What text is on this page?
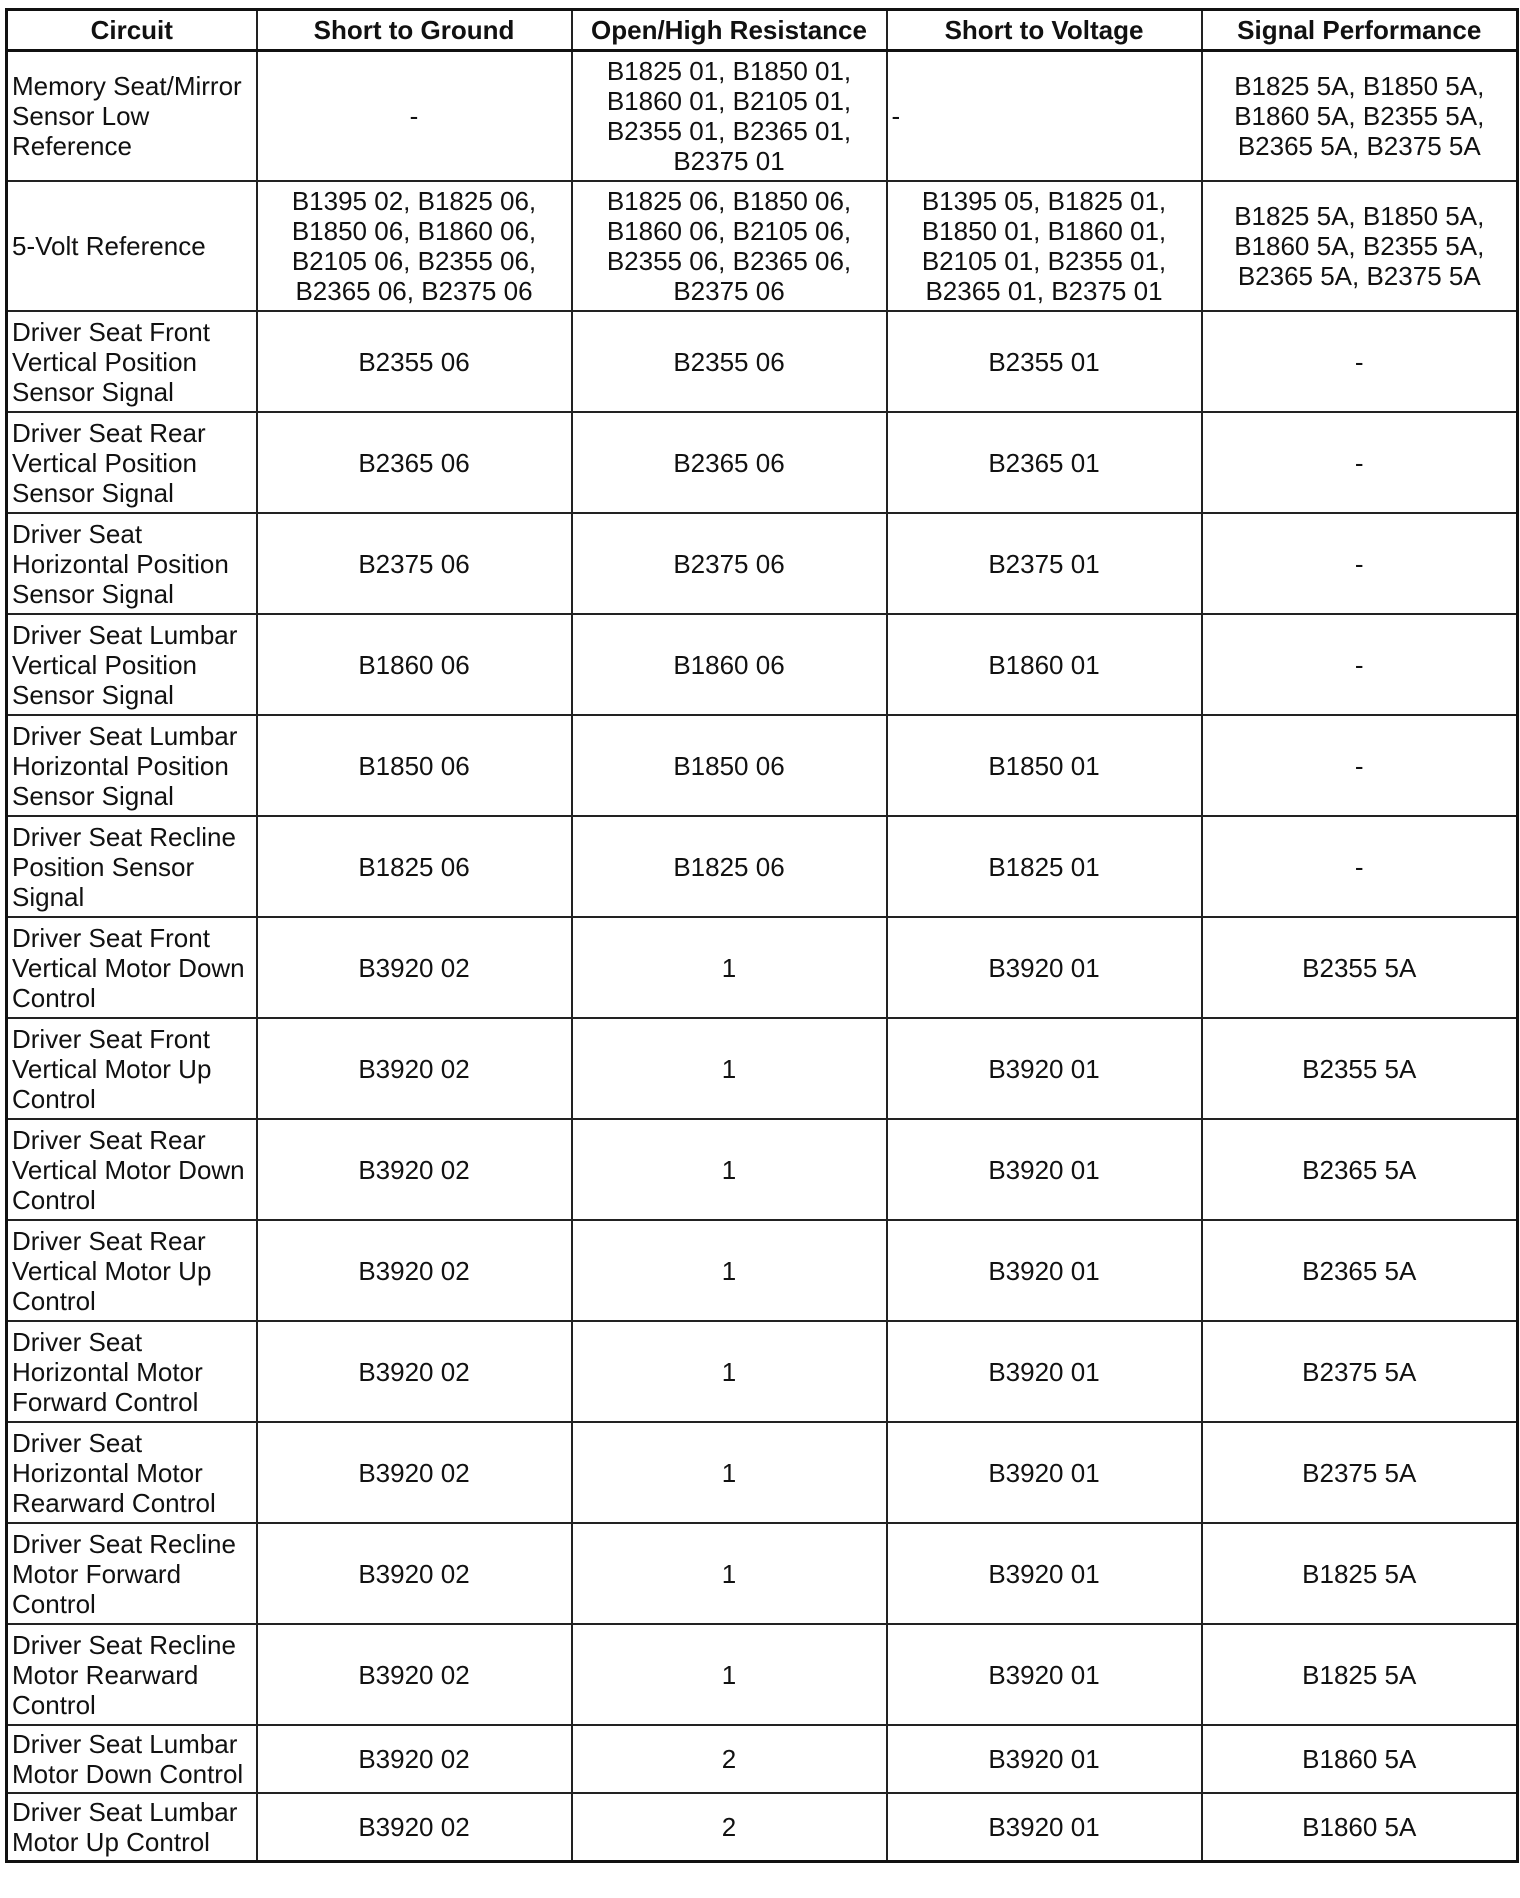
Circuit	Short to Ground	Open/High Resistance	Short to Voltage	Signal Performance
Memory Seat/Mirror Sensor Low Reference	-	B1825 01, B1850 01, B1860 01, B2105 01, B2355 01, B2365 01, B2375 01	-	B1825 5A, B1850 5A, B1860 5A, B2355 5A, B2365 5A, B2375 5A
5-Volt Reference	B1395 02, B1825 06, B1850 06, B1860 06, B2105 06, B2355 06, B2365 06, B2375 06	B1825 06, B1850 06, B1860 06, B2105 06, B2355 06, B2365 06, B2375 06	B1395 05, B1825 01, B1850 01, B1860 01, B2105 01, B2355 01, B2365 01, B2375 01	B1825 5A, B1850 5A, B1860 5A, B2355 5A, B2365 5A, B2375 5A
Driver Seat Front Vertical Position Sensor Signal	B2355 06	B2355 06	B2355 01	-
Driver Seat Rear Vertical Position Sensor Signal	B2365 06	B2365 06	B2365 01	-
Driver Seat Horizontal Position Sensor Signal	B2375 06	B2375 06	B2375 01	-
Driver Seat Lumbar Vertical Position Sensor Signal	B1860 06	B1860 06	B1860 01	-
Driver Seat Lumbar Horizontal Position Sensor Signal	B1850 06	B1850 06	B1850 01	-
Driver Seat Recline Position Sensor Signal	B1825 06	B1825 06	B1825 01	-
Driver Seat Front Vertical Motor Down Control	B3920 02	1	B3920 01	B2355 5A
Driver Seat Front Vertical Motor Up Control	B3920 02	1	B3920 01	B2355 5A
Driver Seat Rear Vertical Motor Down Control	B3920 02	1	B3920 01	B2365 5A
Driver Seat Rear Vertical Motor Up Control	B3920 02	1	B3920 01	B2365 5A
Driver Seat Horizontal Motor Forward Control	B3920 02	1	B3920 01	B2375 5A
Driver Seat Horizontal Motor Rearward Control	B3920 02	1	B3920 01	B2375 5A
Driver Seat Recline Motor Forward Control	B3920 02	1	B3920 01	B1825 5A
Driver Seat Recline Motor Rearward Control	B3920 02	1	B3920 01	B1825 5A
Driver Seat Lumbar Motor Down Control	B3920 02	2	B3920 01	B1860 5A
Driver Seat Lumbar Motor Up Control	B3920 02	2	B3920 01	B1860 5A
